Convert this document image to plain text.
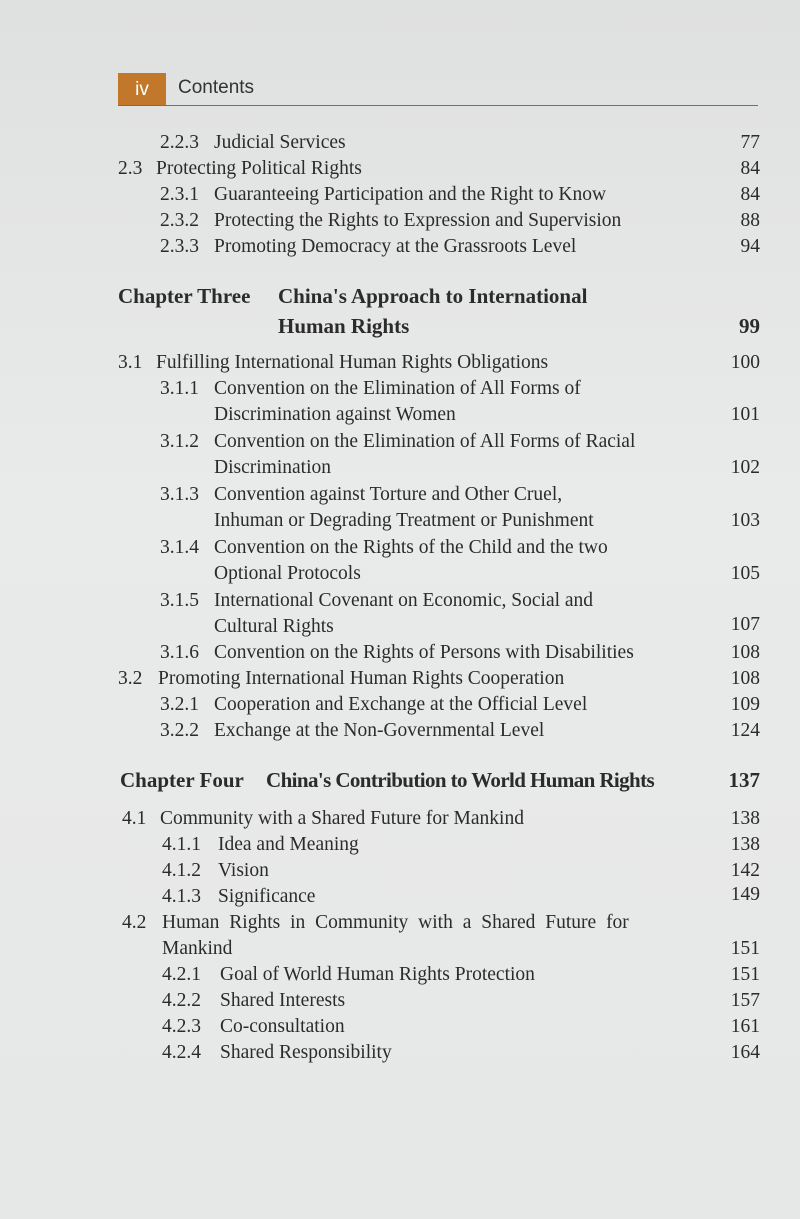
iv	Contents
2.2.3 Judicial Services	77
2.3 Protecting Political Rights	84
2.3.1 Guaranteeing Participation and the Right to Know	84
2.3.2 Protecting the Rights to Expression and Supervision	88
2.3.3 Promoting Democracy at the Grassroots Level	94
Chapter Three China's Approach to International
Human Rights	99
3.1 Fulfilling International Human Rights Obligations	100
3.1.1 Convention on the Elimination of All Forms of
Discrimination against Women	101
3.1.2 Convention on the Elimination of All Forms of Racial
Discrimination	102
3.1.3 Convention against Torture and Other Cruel,
Inhuman or Degrading Treatment or Punishment	103
3.1.4 Convention on the Rights of the Child and the two
Optional Protocols	105
3.1.5 International Covenant on Economic, Social and
Cultural Rights	107
3.1.6 Convention on the Rights of Persons with Disabilities	108
3.2 Promoting International Human Rights Cooperation	108
3.2.1 Cooperation and Exchange at the Official Level	109
3.2.2 Exchange at the Non-Governmental Level	124
Chapter Four China's Contribution to World Human Rights	137
4.1 Community with a Shared Future for Mankind	138
4.1.1 Idea and Meaning	138
4.1.2 Vision	142
4.1.3 Significance	149
4.2 Human Rights in Community with a Shared Future for
Mankind	151
4.2.1 Goal of World Human Rights Protection	151
4.2.2 Shared Interests	157
4.2.3 Co-consultation	161
4.2.4 Shared Responsibility	164
